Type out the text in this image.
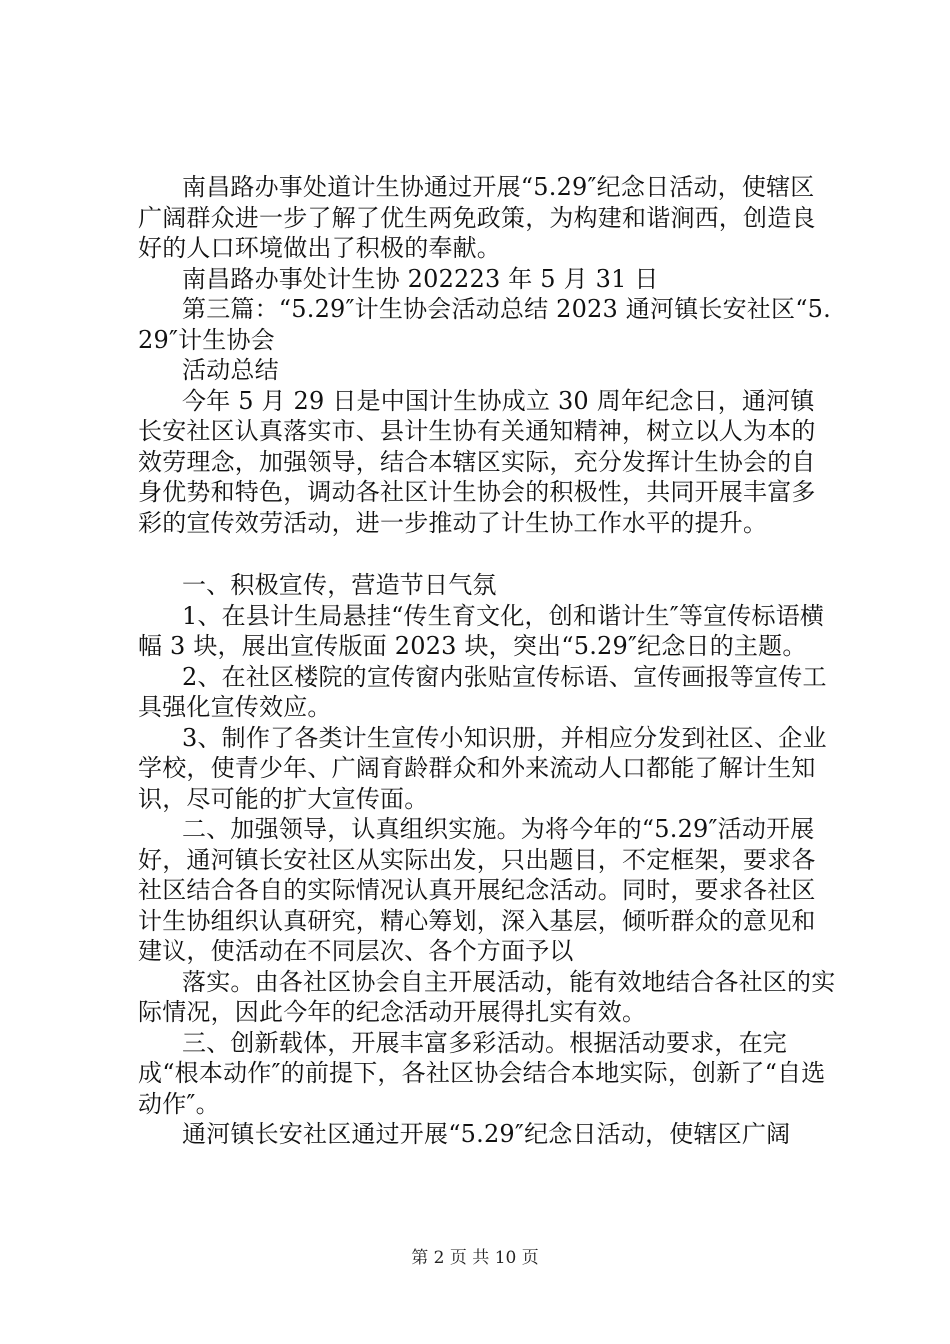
南昌路办事处道计生协通过开展“5.29″纪念日活动，使辖区广阔群众进一步了解了优生两免政策，为构建和谐涧西，创造良好的人口环境做出了积极的奉献。

南昌路办事处计生协 202223 年 5 月 31 日

第三篇：“5.29″计生协会活动总结 2023 通河镇长安社区“5.29″计生协会

活动总结

今年 5 月 29 日是中国计生协成立 30 周年纪念日，通河镇长安社区认真落实市、县计生协有关通知精神，树立以人为本的效劳理念，加强领导，结合本辖区实际，充分发挥计生协会的自身优势和特色，调动各社区计生协会的积极性，共同开展丰富多彩的宣传效劳活动，进一步推动了计生协工作水平的提升。

一、积极宣传，营造节日气氛

1、在县计生局悬挂“传生育文化，创和谐计生″等宣传标语横幅 3 块，展出宣传版面 2023 块，突出“5.29″纪念日的主题。

2、在社区楼院的宣传窗内张贴宣传标语、宣传画报等宣传工具强化宣传效应。

3、制作了各类计生宣传小知识册，并相应分发到社区、企业学校，使青少年、广阔育龄群众和外来流动人口都能了解计生知识，尽可能的扩大宣传面。

二、加强领导，认真组织实施。为将今年的“5.29″活动开展好，通河镇长安社区从实际出发，只出题目，不定框架，要求各社区结合各自的实际情况认真开展纪念活动。同时，要求各社区计生协组织认真研究，精心筹划，深入基层，倾听群众的意见和建议，使活动在不同层次、各个方面予以

落实。由各社区协会自主开展活动，能有效地结合各社区的实际情况，因此今年的纪念活动开展得扎实有效。

三、创新载体，开展丰富多彩活动。根据活动要求，在完成“根本动作″的前提下，各社区协会结合本地实际，创新了“自选动作″。

通河镇长安社区通过开展“5.29″纪念日活动，使辖区广阔

第 2 页 共 10 页
